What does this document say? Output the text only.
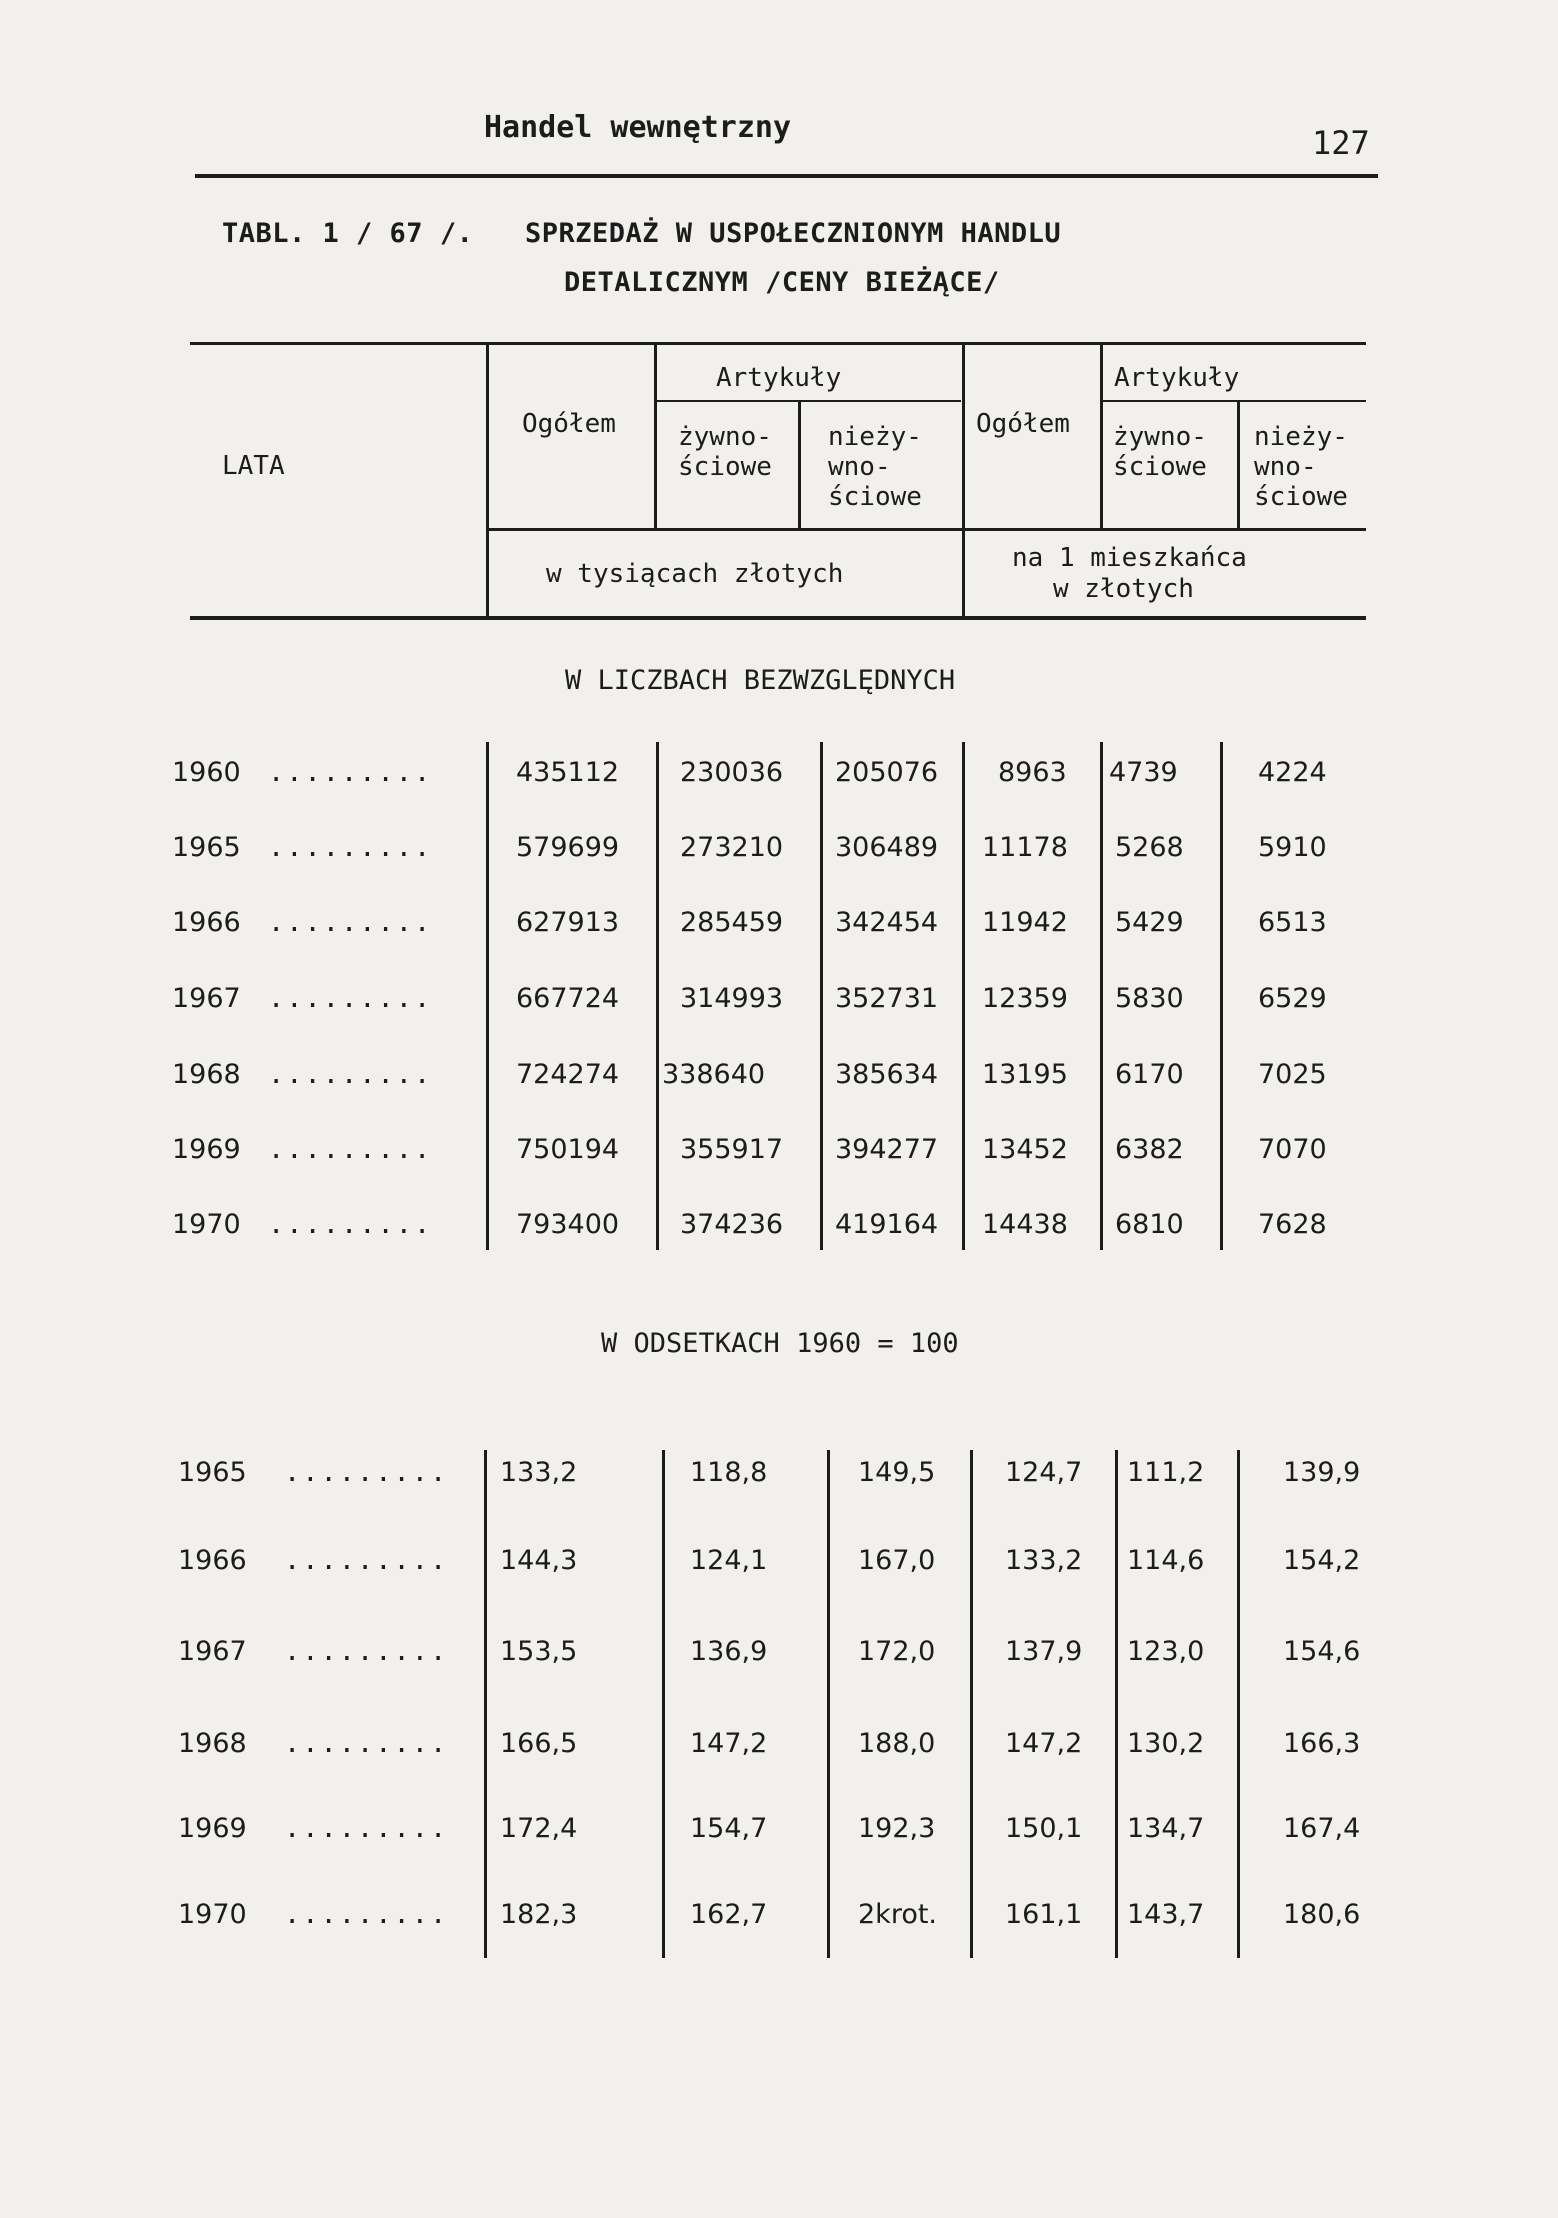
Handel wewnętrzny	127
TABL. 1 / 67 /. SPRZEDAŻ W USPOŁECZNIONYM HANDLU
DETALICZNYM /CENY BIEŻĄCE/
LATA
Ogółem
Artykuły
żywno-
ściowe
nieży-
wno-
ściowe
Ogółem
Artykuły
żywno-
ściowe
nieży-
wno-
ściowe
w tysiącach złotych
na 1 mieszkańca
w złotych
W LICZBACH BEZWZGLĘDNYCH
1960 .........	435112 230036 205076 8963 4739	4224
1965 .........	579699 273210 306489 11178 5268	5910
1966 .........	627913 285459 342454 11942 5429	6513
1967 .........	667724 314993 352731 12359 5830	6529
1968 .........	724274 338640	385634 13195 6170	7025
1969 .........	750194 355917 394277 13452 6382	7070
1970 .........	793400 374236 419164 14438 6810	7628
W ODSETKACH 1960 = 100
1965 ......... 133,2	118,8	149,5	124,7 111,2	139,9
1966 ......... 144,3	124,1	167,0	133,2 114,6	154,2
1967 ......... 153,5	136,9	172,0	137,9 123,0	154,6
1968 ......... 166,5	147,2	188,0	147,2 130,2	166,3
1969 ......... 172,4	154,7	192,3	150,1 134,7	167,4
1970 ......... 182,3	162,7	2krot.	161,1 143,7	180,6
